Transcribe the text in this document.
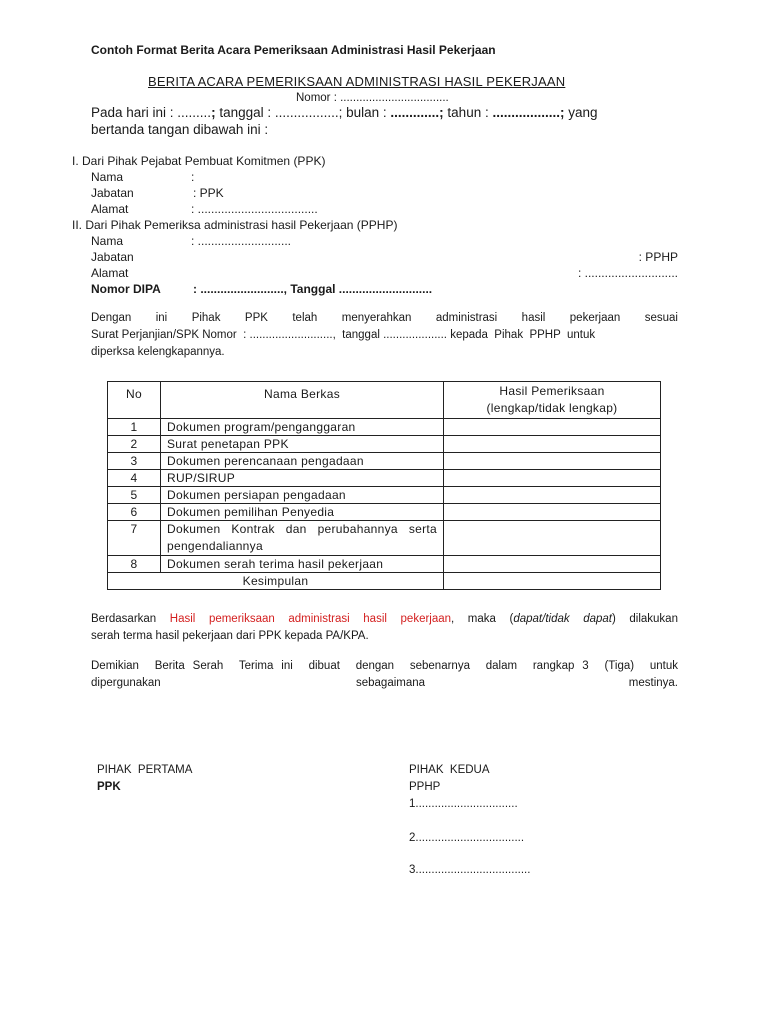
Contoh Format Berita Acara Pemeriksaan Administrasi Hasil Pekerjaan
BERITA ACARA PEMERIKSAAN ADMINISTRASI HASIL PEKERJAAN
Nomor : ..................................
Pada hari ini : .........; tanggal : .................; bulan : .............; tahun : ..................; yang
bertanda tangan dibawah ini :
I. Dari Pihak Pejabat Pembuat Komitmen (PPK)
Nama	:
Jabatan	: PPK
Alamat	: ....................................
II. Dari Pihak Pemeriksa administrasi hasil Pekerjaan (PPHP)
Nama	: ............................
Jabatan	: PPHP
Alamat	: ............................
Nomor DIPA	: ........................., Tanggal ............................
Dengan   ini   Pihak   PPK   telah   menyerahkan   administrasi   hasil   pekerjaan   sesuai
Surat Perjanjian/SPK Nomor  : ..........................,  tanggal .................... kepada  Pihak  PPHP  untuk
diperksa kelengkapannya.
No	Nama Berkas	Hasil Pemeriksaan
(lengkap/tidak lengkap)
1	Dokumen program/penganggaran	
2	Surat penetapan PPK	
3	Dokumen perencanaan pengadaan	
4	RUP/SIRUP	
5	Dokumen persiapan pengadaan	
6	Dokumen pemilihan Penyedia	
7	Dokumen Kontrak dan perubahannya serta
pengendaliannya	

8	Dokumen serah terima hasil pekerjaan	
Kesimpulan		
Berdasarkan Hasil pemeriksaan administrasi hasil pekerjaan, maka (dapat/tidak dapat) dilakukan
serah terma hasil pekerjaan dari PPK kepada PA/KPA.
Demikian  Berita Serah  Terima ini  dibuat  dengan  sebenarnya  dalam  rangkap 3  (Tiga)  untuk
dipergunakan	sebagaimana	mestinya.
PIHAK  PERTAMA
PPK
PIHAK  KEDUA
PPHP
1................................
2..................................
3....................................
